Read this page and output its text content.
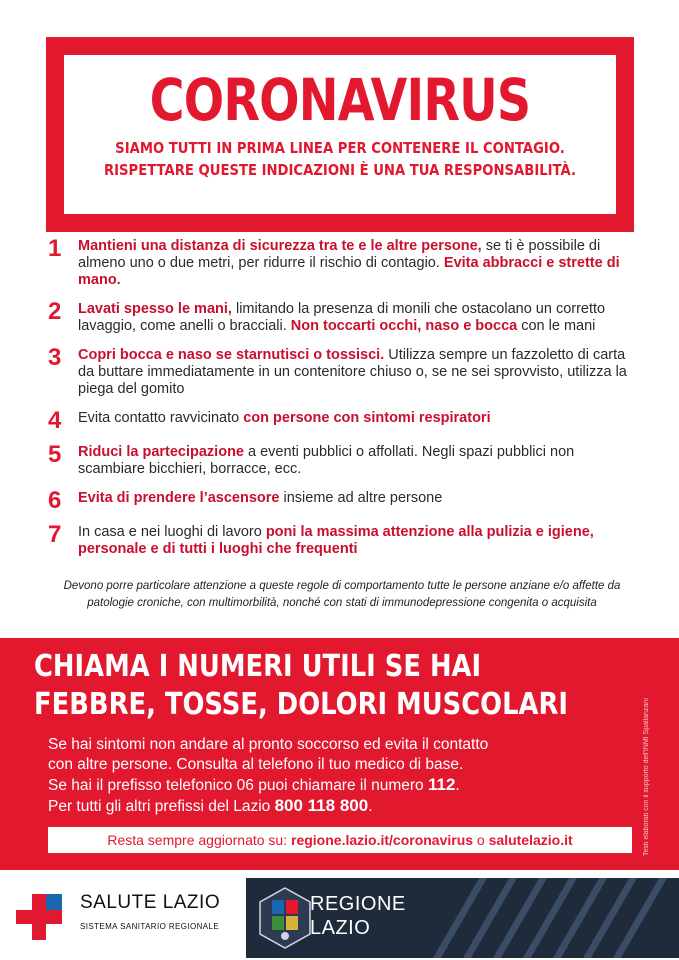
CORONAVIRUS
SIAMO TUTTI IN PRIMA LINEA PER CONTENERE IL CONTAGIO.
RISPETTARE QUESTE INDICAZIONI È UNA TUA RESPONSABILITÀ.
1	Mantieni una distanza di sicurezza tra te e le altre persone, se ti è possibile di almeno uno o due metri, per ridurre il rischio di contagio. Evita abbracci e strette di mano.
2	Lavati spesso le mani, limitando la presenza di monili che ostacolano un corretto lavaggio, come anelli o bracciali. Non toccarti occhi, naso e bocca con le mani
3	Copri bocca e naso se starnutisci o tossisci. Utilizza sempre un fazzoletto di carta da buttare immediatamente in un contenitore chiuso o, se ne sei sprovvisto, utilizza la piega del gomito
4	Evita contatto ravvicinato con persone con sintomi respiratori
5	Riduci la partecipazione a eventi pubblici o affollati. Negli spazi pubblici non scambiare bicchieri, borracce, ecc.
6	Evita di prendere l’ascensore insieme ad altre persone
7	In casa e nei luoghi di lavoro poni la massima attenzione alla pulizia e igiene, personale e di tutti i luoghi che frequenti
Devono porre particolare attenzione a queste regole di comportamento tutte le persone anziane e/o affette da patologie croniche, con multimorbilità, nonché con stati di immunodepressione congenita o acquisita
CHIAMA I NUMERI UTILI SE HAI
FEBBRE, TOSSE, DOLORI MUSCOLARI
Se hai sintomi non andare al pronto soccorso ed evita il contatto
con altre persone. Consulta al telefono il tuo medico di base.
Se hai il prefisso telefonico 06 puoi chiamare il numero 112.
Per tutti gli altri prefissi del Lazio 800 118 800.
Resta sempre aggiornato su: regione.lazio.it/coronavirus o salutelazio.it	Testi elaborati con il supporto dell'INMI Spallanzani
SALUTE LAZIO
SISTEMA SANITARIO REGIONALE
REGIONE
LAZIO
